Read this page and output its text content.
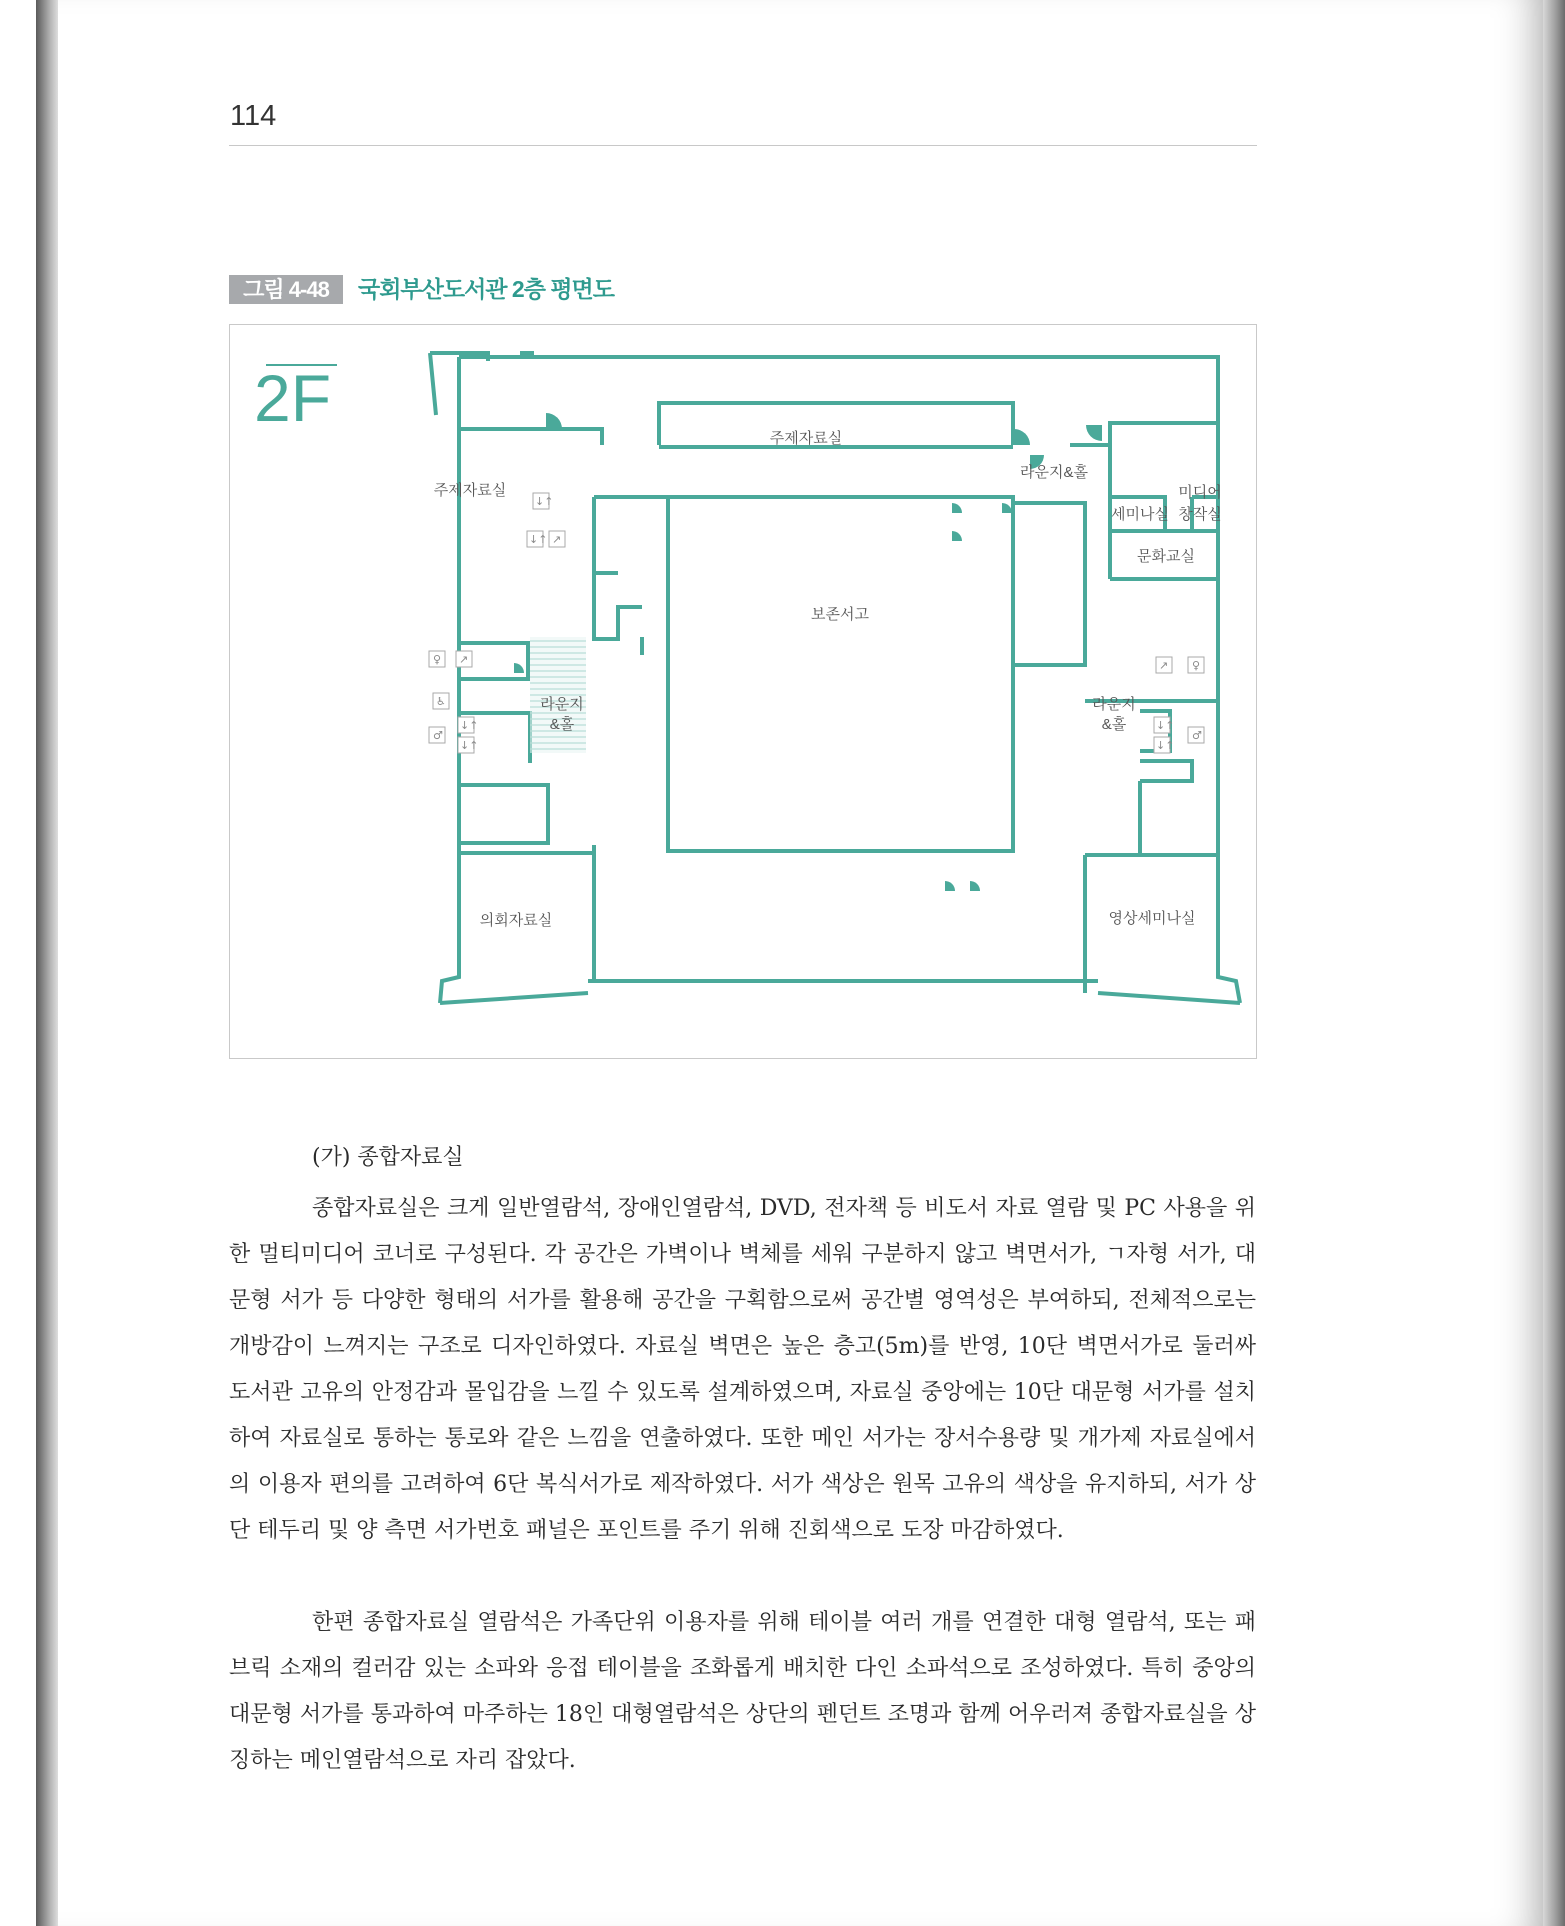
114
그림 4-48	국회부산도서관 2층 평면도
↓↑
↓↑ ↗
♀ ↗
♿
↓↑
↓↑
♂
↗ ♀
↓↑
↓↑
♂
2F
주제자료실
주제자료실
라운지&홀
미디어
창작실
세미나실
문화교실
보존서고
라운지
&홀
라운지
&홀
의회자료실	영상세미나실
(가) 종합자료실
종합자료실은 크게 일반열람석, 장애인열람석, DVD, 전자책 등 비도서 자료 열람 및 PC 사용을 위한 멀티미디어 코너로 구성된다. 각 공간은 가벽이나 벽체를 세워 구분하지 않고 벽면서가, ㄱ자형 서가, 대문형 서가 등 다양한 형태의 서가를 활용해 공간을 구획함으로써 공간별 영역성은 부여하되, 전체적으로는 개방감이 느껴지는 구조로 디자인하였다. 자료실 벽면은 높은 층고(5m)를 반영, 10단 벽면서가로 둘러싸 도서관 고유의 안정감과 몰입감을 느낄 수 있도록 설계하였으며, 자료실 중앙에는 10단 대문형 서가를 설치하여 자료실로 통하는 통로와 같은 느낌을 연출하였다. 또한 메인 서가는 장서수용량 및 개가제 자료실에서의 이용자 편의를 고려하여 6단 복식서가로 제작하였다. 서가 색상은 원목 고유의 색상을 유지하되, 서가 상단 테두리 및 양 측면 서가번호 패널은 포인트를 주기 위해 진회색으로 도장 마감하였다.
한편 종합자료실 열람석은 가족단위 이용자를 위해 테이블 여러 개를 연결한 대형 열람석, 또는 패브릭 소재의 컬러감 있는 소파와 응접 테이블을 조화롭게 배치한 다인 소파석으로 조성하였다. 특히 중앙의 대문형 서가를 통과하여 마주하는 18인 대형열람석은 상단의 펜던트 조명과 함께 어우러져 종합자료실을 상징하는 메인열람석으로 자리 잡았다.
